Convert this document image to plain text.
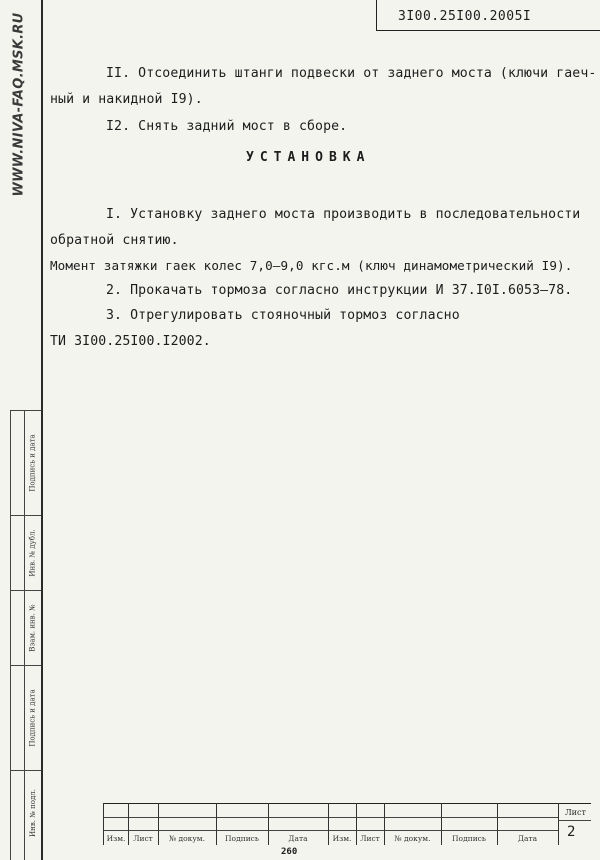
WWW.NIVA-FAQ.MSK.RU
Подпись и дата
Инв. № дубл.
Взам. инв. №
Подпись и дата
Инв. № подл.
3I00.25I00.2005I
II. Отсоединить штанги подвески от заднего моста (ключи гаеч-
ный и накидной I9).
I2. Снять задний мост в сборе.
УСТАНОВКА
I. Установку заднего моста производить в последовательности
обратной снятию.
Момент затяжки гаек колес 7,0–9,0 кгс.м (ключ динамометрический I9).
2. Прокачать тормоза согласно инструкции И 37.I0I.6053–78.
3. Отрегулировать стояночный тормоз согласно
ТИ 3I00.25I00.I2002.
Изм.	Лист	№ докум.	Подпись	Дата	Изм.	Лист	№ докум.	Подпись	Дата
Лист
2
260
